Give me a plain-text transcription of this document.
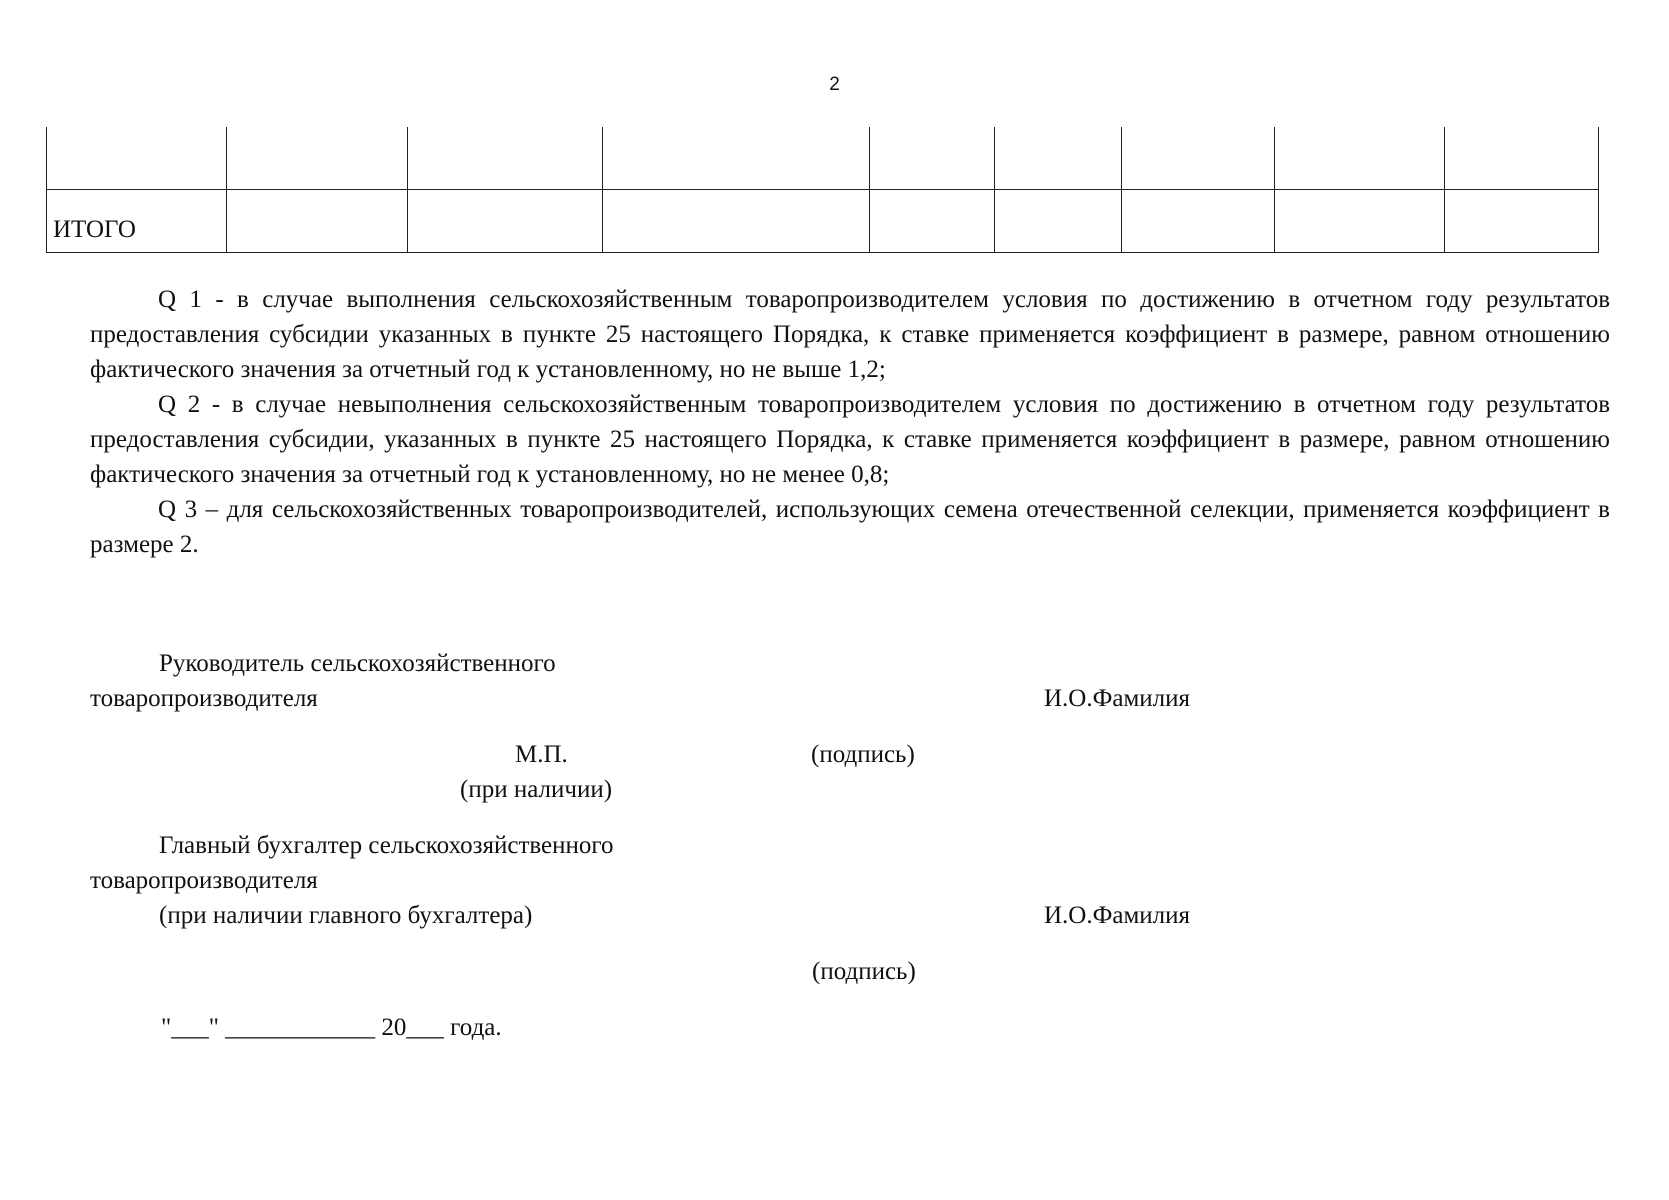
2

ИТОГО								

Q 1 - в случае выполнения сельскохозяйственным товаропроизводителем условия по достижению в отчетном году результатов предоставления субсидии указанных в пункте 25 настоящего Порядка, к ставке применяется коэффициент в размере, равном отношению фактического значения за отчетный год к установленному, но не выше 1,2;

Q 2 - в случае невыполнения сельскохозяйственным товаропроизводителем условия по достижению в отчетном году результатов предоставления субсидии, указанных в пункте 25 настоящего Порядка, к ставке применяется коэффициент в размере, равном отношению фактического значения за отчетный год к установленному, но не менее 0,8;

Q 3 – для сельскохозяйственных товаропроизводителей, использующих семена отечественной селекции, применяется коэффициент в размере 2.

Руководитель сельскохозяйственного
товаропроизводителя	И.О.Фамилия
М.П.	(подпись)
(при наличии)
Главный бухгалтер сельскохозяйственного
товаропроизводителя
(при наличии главного бухгалтера)	И.О.Фамилия
(подпись)
"___" ____________ 20___ года.
